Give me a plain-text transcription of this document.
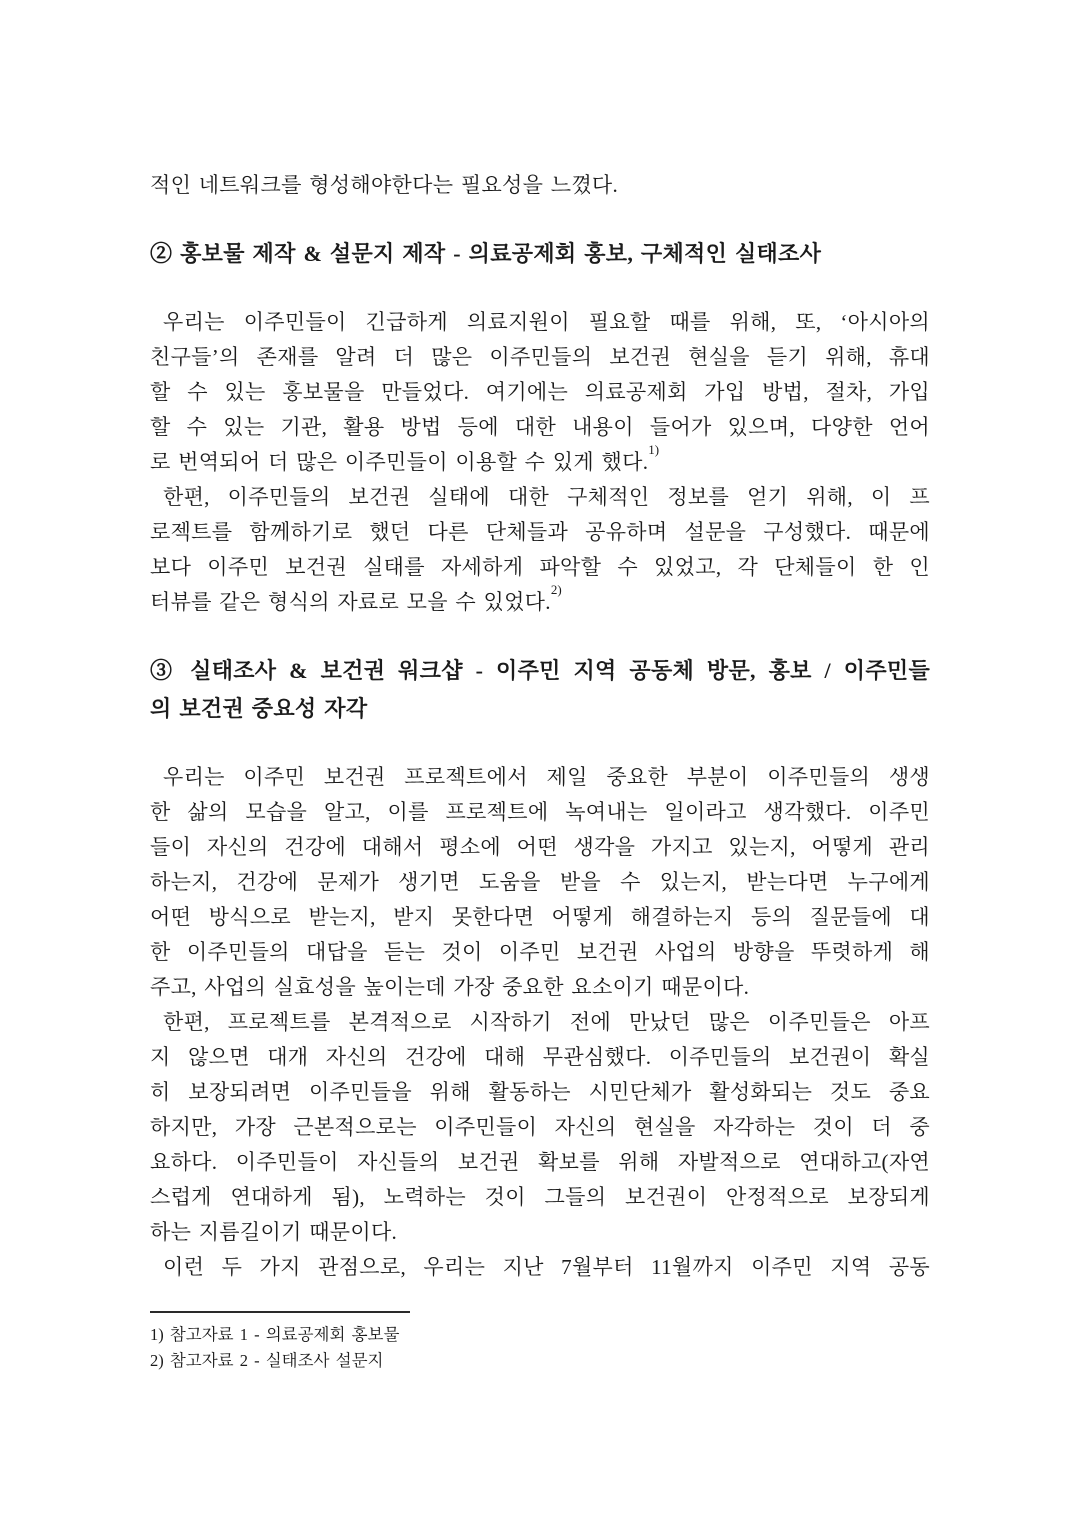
적인 네트워크를 형성해야한다는 필요성을 느꼈다.
② 홍보물 제작 & 설문지 제작 - 의료공제회 홍보, 구체적인 실태조사
우리는 이주민들이 긴급하게 의료지원이 필요할 때를 위해, 또, ‘아시아의
친구들’의 존재를 알려 더 많은 이주민들의 보건권 현실을 듣기 위해, 휴대
할 수 있는 홍보물을 만들었다. 여기에는 의료공제회 가입 방법, 절차, 가입
할 수 있는 기관, 활용 방법 등에 대한 내용이 들어가 있으며, 다양한 언어
로 번역되어 더 많은 이주민들이 이용할 수 있게 했다.$^{1)}$
한편, 이주민들의 보건권 실태에 대한 구체적인 정보를 얻기 위해, 이 프
로젝트를 함께하기로 했던 다른 단체들과 공유하며 설문을 구성했다. 때문에
보다 이주민 보건권 실태를 자세하게 파악할 수 있었고, 각 단체들이 한 인
터뷰를 같은 형식의 자료로 모을 수 있었다.$^{2)}$
③ 실태조사 & 보건권 워크샵 - 이주민 지역 공동체 방문, 홍보 / 이주민들
의 보건권 중요성 자각
우리는 이주민 보건권 프로젝트에서 제일 중요한 부분이 이주민들의 생생
한 삶의 모습을 알고, 이를 프로젝트에 녹여내는 일이라고 생각했다. 이주민
들이 자신의 건강에 대해서 평소에 어떤 생각을 가지고 있는지, 어떻게 관리
하는지, 건강에 문제가 생기면 도움을 받을 수 있는지, 받는다면 누구에게
어떤 방식으로 받는지, 받지 못한다면 어떻게 해결하는지 등의 질문들에 대
한 이주민들의 대답을 듣는 것이 이주민 보건권 사업의 방향을 뚜렷하게 해
주고, 사업의 실효성을 높이는데 가장 중요한 요소이기 때문이다.
한편, 프로젝트를 본격적으로 시작하기 전에 만났던 많은 이주민들은 아프
지 않으면 대개 자신의 건강에 대해 무관심했다. 이주민들의 보건권이 확실
히 보장되려면 이주민들을 위해 활동하는 시민단체가 활성화되는 것도 중요
하지만, 가장 근본적으로는 이주민들이 자신의 현실을 자각하는 것이 더 중
요하다. 이주민들이 자신들의 보건권 확보를 위해 자발적으로 연대하고(자연
스럽게 연대하게 됨), 노력하는 것이 그들의 보건권이 안정적으로 보장되게
하는 지름길이기 때문이다.
이런 두 가지 관점으로, 우리는 지난 7월부터 11월까지 이주민 지역 공동
1) 참고자료 1 - 의료공제회 홍보물
2) 참고자료 2 - 실태조사 설문지
